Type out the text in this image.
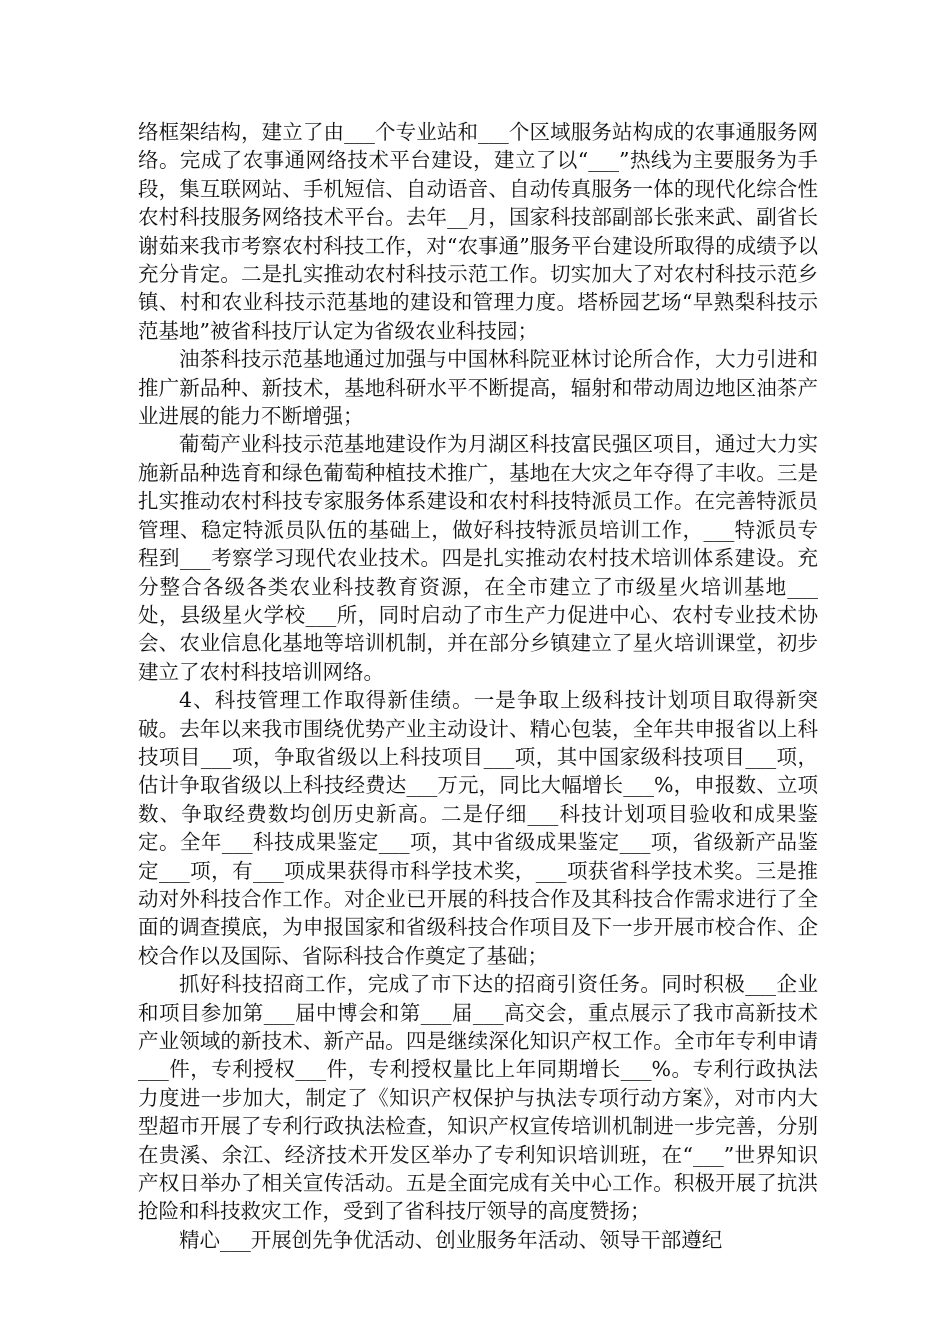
络框架结构，建立了由___个专业站和___个区域服务站构成的农事通服务网络。完成了农事通网络技术平台建设，建立了以“___”热线为主要服务为手段，集互联网站、手机短信、自动语音、自动传真服务一体的现代化综合性农村科技服务网络技术平台。去年__月，国家科技部副部长张来武、副省长谢茹来我市考察农村科技工作，对“农事通”服务平台建设所取得的成绩予以充分肯定。二是扎实推动农村科技示范工作。切实加大了对农村科技示范乡镇、村和农业科技示范基地的建设和管理力度。塔桥园艺场“早熟梨科技示范基地”被省科技厅认定为省级农业科技园；

油茶科技示范基地通过加强与中国林科院亚林讨论所合作，大力引进和推广新品种、新技术，基地科研水平不断提高，辐射和带动周边地区油茶产业进展的能力不断增强；

葡萄产业科技示范基地建设作为月湖区科技富民强区项目，通过大力实施新品种选育和绿色葡萄种植技术推广，基地在大灾之年夺得了丰收。三是扎实推动农村科技专家服务体系建设和农村科技特派员工作。在完善特派员管理、稳定特派员队伍的基础上，做好科技特派员培训工作，___特派员专程到___考察学习现代农业技术。四是扎实推动农村技术培训体系建设。充分整合各级各类农业科技教育资源，在全市建立了市级星火培训基地___处，县级星火学校___所，同时启动了市生产力促进中心、农村专业技术协会、农业信息化基地等培训机制，并在部分乡镇建立了星火培训课堂，初步建立了农村科技培训网络。

4、科技管理工作取得新佳绩。一是争取上级科技计划项目取得新突破。去年以来我市围绕优势产业主动设计、精心包装，全年共申报省以上科技项目___项，争取省级以上科技项目___项，其中国家级科技项目___项，估计争取省级以上科技经费达___万元，同比大幅增长___%，申报数、立项数、争取经费数均创历史新高。二是仔细___科技计划项目验收和成果鉴定。全年___科技成果鉴定___项，其中省级成果鉴定___项，省级新产品鉴定___项，有___项成果获得市科学技术奖，___项获省科学技术奖。三是推动对外科技合作工作。对企业已开展的科技合作及其科技合作需求进行了全面的调查摸底，为申报国家和省级科技合作项目及下一步开展市校合作、企校合作以及国际、省际科技合作奠定了基础；

抓好科技招商工作，完成了市下达的招商引资任务。同时积极___企业和项目参加第___届中博会和第___届___高交会，重点展示了我市高新技术产业领域的新技术、新产品。四是继续深化知识产权工作。全市年专利申请___件，专利授权___件，专利授权量比上年同期增长___%。专利行政执法力度进一步加大，制定了《知识产权保护与执法专项行动方案》，对市内大型超市开展了专利行政执法检查，知识产权宣传培训机制进一步完善，分别在贵溪、余江、经济技术开发区举办了专利知识培训班，在“___”世界知识产权日举办了相关宣传活动。五是全面完成有关中心工作。积极开展了抗洪抢险和科技救灾工作，受到了省科技厅领导的高度赞扬；

精心___开展创先争优活动、创业服务年活动、领导干部遵纪
